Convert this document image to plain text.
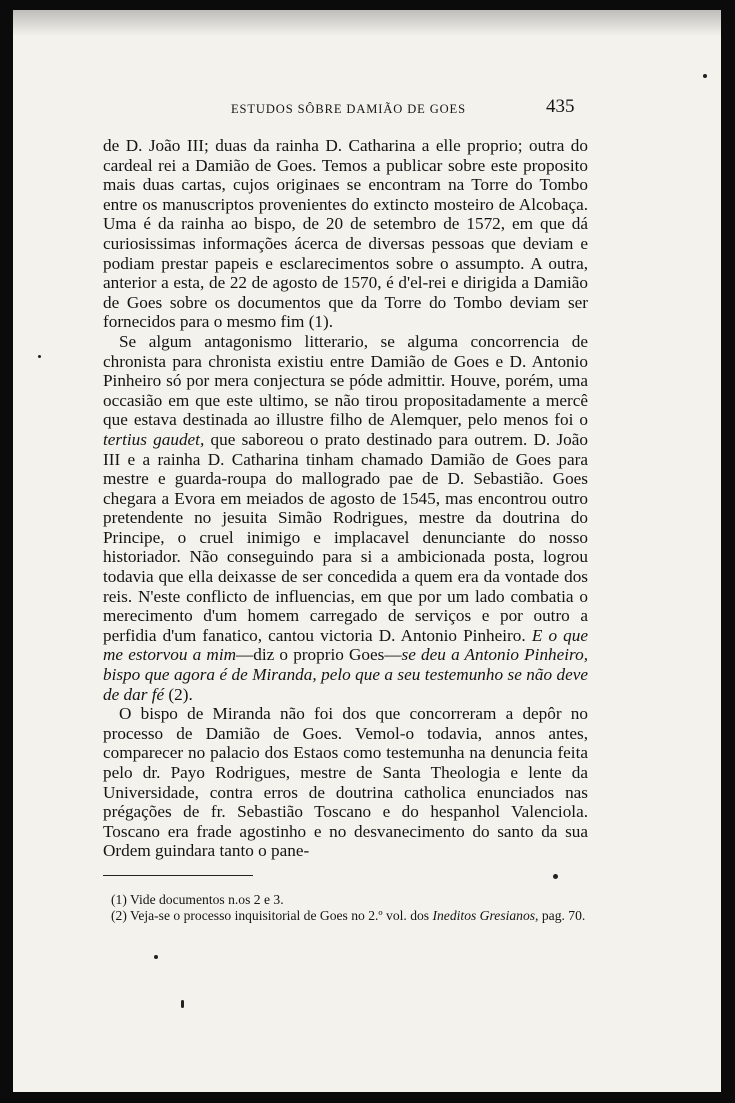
ESTUDOS SÔBRE DAMIÃO DE GOES	435

de D. João III; duas da rainha D. Catharina a elle proprio; outra do cardeal rei a Damião de Goes. Temos a publicar sobre este proposito mais duas cartas, cujos originaes se encontram na Torre do Tombo entre os manuscriptos provenientes do extincto mosteiro de Alcobaça. Uma é da rainha ao bispo, de 20 de setembro de 1572, em que dá curiosissimas informações ácerca de diversas pessoas que deviam e podiam prestar papeis e esclarecimentos sobre o assumpto. A outra, anterior a esta, de 22 de agosto de 1570, é d'el-rei e dirigida a Damião de Goes sobre os documentos que da Torre do Tombo deviam ser fornecidos para o mesmo fim (1).

Se algum antagonismo litterario, se alguma concorrencia de chronista para chronista existiu entre Damião de Goes e D. Antonio Pinheiro só por mera conjectura se póde admittir. Houve, porém, uma occasião em que este ultimo, se não tirou propositadamente a mercê que estava destinada ao illustre filho de Alemquer, pelo menos foi o tertius gaudet, que saboreou o prato destinado para outrem. D. João III e a rainha D. Catharina tinham chamado Damião de Goes para mestre e guarda-roupa do mallogrado pae de D. Sebastião. Goes chegara a Evora em meiados de agosto de 1545, mas encontrou outro pretendente no jesuita Simão Rodrigues, mestre da doutrina do Principe, o cruel inimigo e implacavel denunciante do nosso historiador. Não conseguindo para si a ambicionada posta, logrou todavia que ella deixasse de ser concedida a quem era da vontade dos reis. N'este conflicto de influencias, em que por um lado combatia o merecimento d'um homem carregado de serviços e por outro a perfidia d'um fanatico, cantou victoria D. Antonio Pinheiro. E o que me estorvou a mim—diz o proprio Goes—se deu a Antonio Pinheiro, bispo que agora é de Miranda, pelo que a seu testemunho se não deve de dar fé (2).

O bispo de Miranda não foi dos que concorreram a depôr no processo de Damião de Goes. Vemol-o todavia, annos antes, comparecer no palacio dos Estaos como testemunha na denuncia feita pelo dr. Payo Rodrigues, mestre de Santa Theologia e lente da Universidade, contra erros de doutrina catholica enunciados nas prégações de fr. Sebastião Toscano e do hespanhol Valenciola. Toscano era frade agostinho e no desvanecimento do santo da sua Ordem guindara tanto o pane-

(1) Vide documentos n.os 2 e 3.

(2) Veja-se o processo inquisitorial de Goes no 2.º vol. dos Ineditos Gresianos, pag. 70.
